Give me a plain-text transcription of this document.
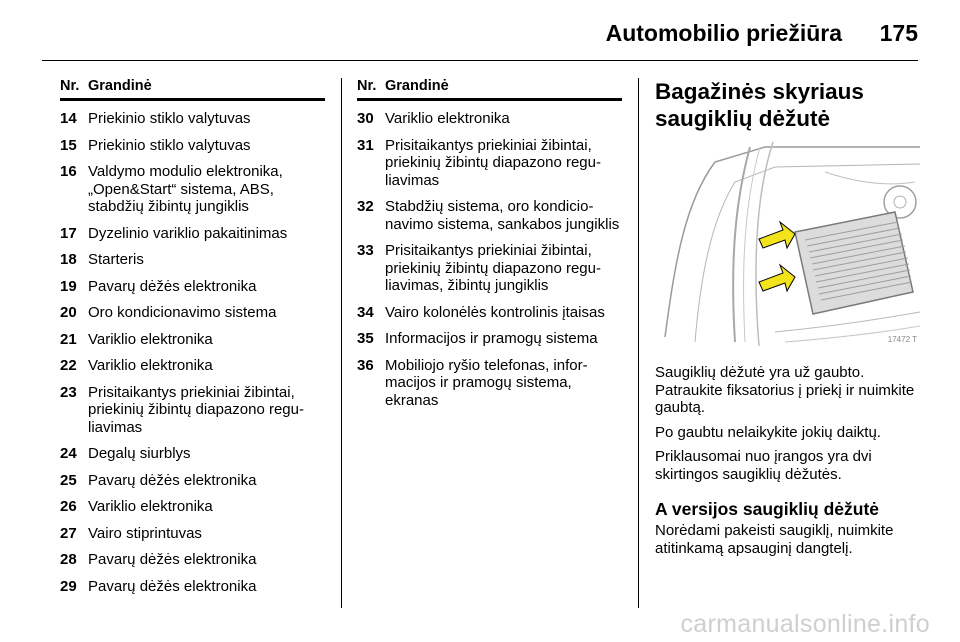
Automobilio priežiūra 175
Nr. Grandinė
14 Priekinio stiklo valytuvas
15 Priekinio stiklo valytuvas
16 Valdymo modulio elektronika, „Open&Start“ sistema, ABS, stabdžių žibintų jungiklis
17 Dyzelinio variklio pakaitinimas
18 Starteris
19 Pavarų dėžės elektronika
20 Oro kondicionavimo sistema
21 Variklio elektronika
22 Variklio elektronika
23 Prisitaikantys priekiniai žibintai, priekinių žibintų diapazono regu- liavimas
24 Degalų siurblys
25 Pavarų dėžės elektronika
26 Variklio elektronika
27 Vairo stiprintuvas
28 Pavarų dėžės elektronika
29 Pavarų dėžės elektronika
Nr. Grandinė
30 Variklio elektronika
31 Prisitaikantys priekiniai žibintai, priekinių žibintų diapazono regu- liavimas
32 Stabdžių sistema, oro kondicio- navimo sistema, sankabos jungiklis
33 Prisitaikantys priekiniai žibintai, priekinių žibintų diapazono regu- liavimas, žibintų jungiklis
34 Vairo kolonėlės kontrolinis įtaisas
35 Informacijos ir pramogų sistema
36 Mobiliojo ryšio telefonas, infor- macijos ir pramogų sistema, ekranas
Bagažinės skyriaus saugiklių dėžutė
17472 T
Saugiklių dėžutė yra už gaubto. Patraukite fiksatorius į priekį ir nuimkite gaubtą.
Po gaubtu nelaikykite jokių daiktų.
Priklausomai nuo įrangos yra dvi skirtingos saugiklių dėžutės.
A versijos saugiklių dėžutė
Norėdami pakeisti saugiklį, nuimkite atitinkamą apsauginį dangtelį.
carmanualsonline.info
